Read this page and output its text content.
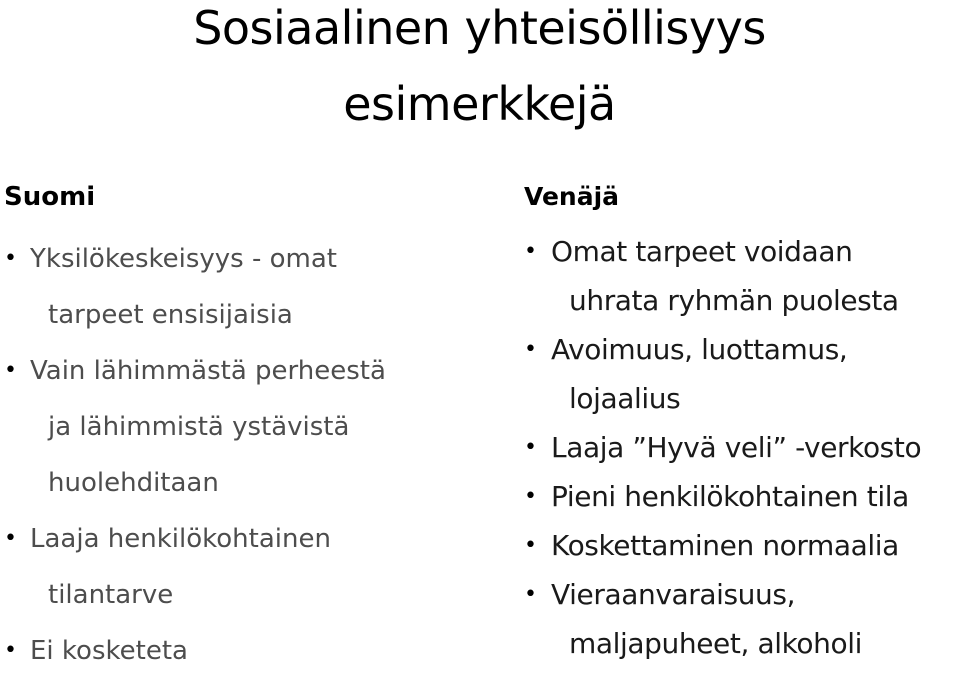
Sosiaalinen yhteisöllisyys
esimerkkejä
Suomi
• Yksilökeskeisyys - omat
tarpeet ensisijaisia
• Vain lähimmästä perheestä
ja lähimmistä ystävistä
huolehditaan
• Laaja henkilökohtainen
tilantarve
• Ei kosketeta
Venäjä
• Omat tarpeet voidaan
uhrata ryhmän puolesta
• Avoimuus, luottamus,
lojaalius
• Laaja ”Hyvä veli” -verkosto
• Pieni henkilökohtainen tila
• Koskettaminen normaalia
• Vieraanvaraisuus,
maljapuheet, alkoholi
